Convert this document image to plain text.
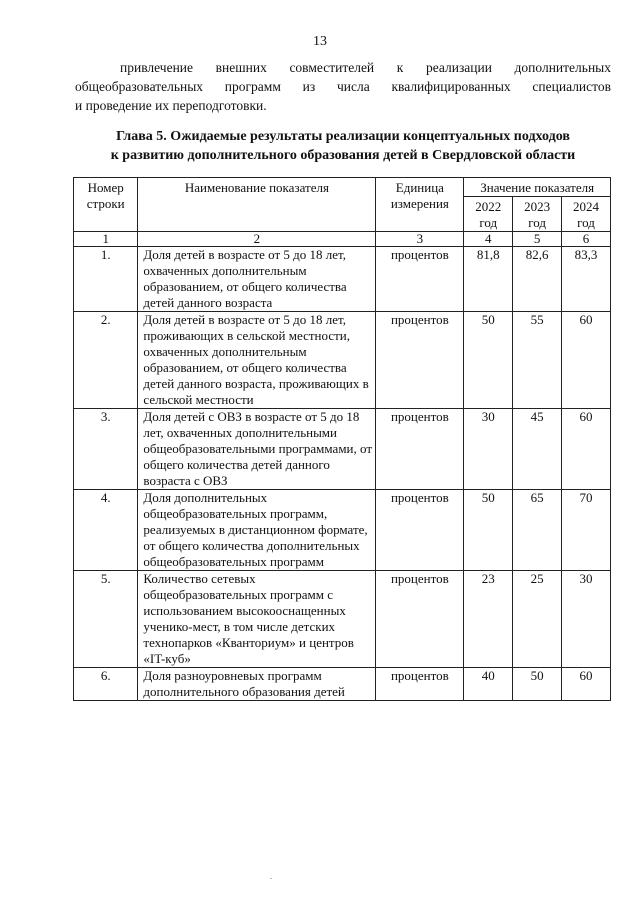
13
привлечение внешних совместителей к реализации дополнительных
общеобразовательных программ из числа квалифицированных специалистов
и проведение их переподготовки.
Глава 5. Ожидаемые результаты реализации концептуальных подходов
к развитию дополнительного образования детей в Свердловской области
Номер строки	Наименование показателя	Единица измерения	Значение показателя		
			2022 год	2023 год	2024 год
1	2	3	4	5	6
1.	Доля детей в возрасте от 5 до 18 лет, охваченных дополнительным образованием, от общего количества детей данного возраста	процентов	81,8	82,6	83,3
2.	Доля детей в возрасте от 5 до 18 лет, проживающих в сельской местности, охваченных дополнительным образованием, от общего количества детей данного возраста, проживающих в сельской местности	процентов	50	55	60
3.	Доля детей с ОВЗ в возрасте от 5 до 18 лет, охваченных дополнительными общеобразовательными программами, от общего количества детей данного возраста с ОВЗ	процентов	30	45	60
4.	Доля дополнительных общеобразовательных программ, реализуемых в дистанционном формате, от общего количества дополнительных общеобразовательных программ	процентов	50	65	70
5.	Количество сетевых общеобразовательных программ с использованием высокооснащенных ученико-мест, в том числе детских технопарков «Кванториум» и центров «IT-куб»	процентов	23	25	30
6.	Доля разноуровневых программ дополнительного образования детей	процентов	40	50	60
